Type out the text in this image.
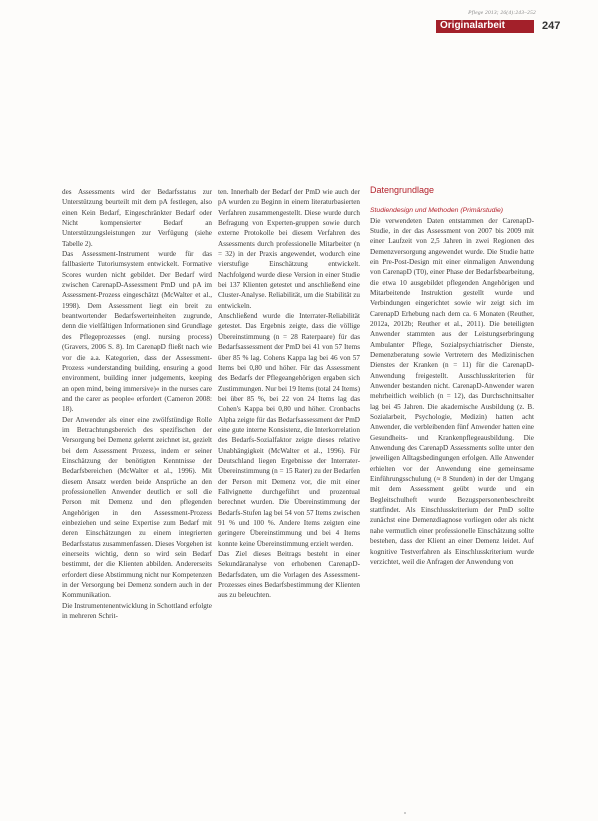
Pflege 2013; 26(4):243–252
Originalarbeit	247

des Assessments wird der Bedarfsstatus zur Unterstützung beurteilt mit dem pA festlegen, also einen Kein Bedarf, Eingeschränkter Bedarf oder Nicht kompensierter Bedarf an Unterstützungsleistungen zur Verfügung (siehe Tabelle 2).

Das Assessment-Instrument wurde für das fallbasierte Tutoriumsystem entwickelt. Formative Scores wurden nicht gebildet. Der Bedarf wird zwischen CarenapD-Assessment PmD und pA im Assessment-Prozess eingeschätzt (McWalter et al., 1998). Dem Assessment liegt ein breit zu beantwortender Bedarfswerteinheiten zugrunde, denn die vielfältigen Informationen sind Grundlage des Pflegeprozesses (engl. nursing process) (Gravers, 2006 S. 8). Im CarenapD fließt nach wie vor die a.a. Kategorien, dass der Assessment-Prozess »understanding building, ensuring a good environment, building inner judgements, keeping an open mind, being immersive)« in the nurses care and the carer as people« erfordert (Cameron 2008: 18).

Der Anwender als einer eine zwölfstündige Rolle im Betrachtungsbereich des spezifischen der Versorgung bei Demenz gelernt zeichnet ist, gezielt bei dem Assessment Prozess, indem er seiner Einschätzung der benötigten Kenntnisse der Bedarfsbereichen (McWalter et al., 1996). Mit diesem Ansatz werden beide Ansprüche an den professionellen Anwender deutlich er soll die Person mit Demenz und den pflegenden Angehörigen in den Assessment-Prozess einbeziehen und seine Expertise zum Bedarf mit deren Einschätzungen zu einem integrierten Bedarfsstatus zusammenfassen. Dieses Vorgehen ist einerseits wichtig, denn so wird sein Bedarf bestimmt, der die Klienten abbilden. Andererseits erfordert diese Abstimmung nicht nur Kompetenzen in der Versorgung bei Demenz sondern auch in der Kommunikation.

Die Instrumentenentwicklung in Schottland erfolgte in mehreren Schrit-

ten. Innerhalb der Bedarf der PmD wie auch der pA wurden zu Beginn in einem literaturbasierten Verfahren zusammengestellt. Diese wurde durch Befragung von Experten-gruppen sowie durch externe Protokolle bei diesem Verfahren des Assessments durch professionelle Mitarbeiter (n = 32) in der Praxis angewendet, wodurch eine vierstufige Einschätzung entwickelt. Nachfolgend wurde diese Version in einer Studie bei 137 Klienten getestet und anschließend eine Cluster-Analyse. Reliabilität, um die Stabilität zu entwickeln.

Anschließend wurde die Interrater-Reliabilität getestet. Das Ergebnis zeigte, dass die völlige Übereinstimmung (n = 28 Raterpaare) für das Bedarfsassessment der PmD bei 41 von 57 Items über 85 % lag. Cohens Kappa lag bei 46 von 57 Items bei 0,80 und höher. Für das Assessment des Bedarfs der Pflegeangehörigen ergaben sich Zustimmungen. Nur bei 19 Items (total 24 Items) bei über 85 %, bei 22 von 24 Items lag das Cohen's Kappa bei 0,80 und höher. Cronbachs Alpha zeigte für das Bedarfsassessment der PmD eine gute interne Konsistenz, die Interkorrelation des Bedarfs-Sozialfaktor zeigte dieses relative Unabhängigkeit (McWalter et al., 1996). Für Deutschland liegen Ergebnisse der Interrater-Übereinstimmung (n = 15 Rater) zu der Bedarfen der Person mit Demenz vor, die mit einer Fallvignette durchgeführt und prozentual berechnet wurden. Die Übereinstimmung der Bedarfs-Stufen lag bei 54 von 57 Items zwischen 91 % und 100 %. Andere Items zeigten eine geringere Übereinstimmung und bei 4 Items konnte keine Übereinstimmung erzielt werden.

Das Ziel dieses Beitrags besteht in einer Sekundäranalyse von erhobenen CarenapD-Bedarfsdaten, um die Vorlagen des Assessment-Prozesses eines Bedarfsbestimmung der Klienten aus zu beleuchten.

Datengrundlage

Studiendesign und Methoden (Primärstudie)

Die verwendeten Daten entstammen der CarenapD-Studie, in der das Assessment von 2007 bis 2009 mit einer Laufzeit von 2,5 Jahren in zwei Regionen des Demenzversorgung angewendet wurde. Die Studie hatte ein Pre-Post-Design mit einer einmaligen Anwendung von CarenapD (T0), einer Phase der Bedarfsbearbeitung, die etwa 10 ausgebildet pflegenden Angehörigen und Mitarbeitende Instruktion gestellt wurde und Verbindungen eingerichtet sowie wir zeigt sich im CarenapD Erhebung nach dem ca. 6 Monaten (Reuther, 2012a, 2012b; Reuther et al., 2011). Die beteiligten Anwender stammten aus der Leistungserbringung Ambulanter Pflege, Sozialpsychiatrischer Dienste, Demenzberatung sowie Vertretern des Medizinischen Dienstes der Kranken (n = 11) für die CarenapD-Anwendung freigestellt. Ausschlusskriterien für Anwender bestanden nicht. CarenapD-Anwender waren mehrheitlich weiblich (n = 12), das Durchschnittsalter lag bei 45 Jahren. Die akademische Ausbildung (z. B. Sozialarbeit, Psychologie, Medizin) hatten acht Anwender, die verbleibenden fünf Anwender hatten eine Gesundheits- und Krankenpflegeausbildung. Die Anwendung des CarenapD Assessments sollte unter den jeweiligen Alltagsbedingungen erfolgen. Alle Anwender erhielten vor der Anwendung eine gemeinsame Einführungsschulung (≈ 8 Stunden) in der der Umgang mit dem Assessment geübt wurde und ein Begleitschulheft wurde Bezugspersonenbeschreibt stattfindet. Als Einschlusskriterium der PmD sollte zunächst eine Demenzdiagnose vorliegen oder als nicht nahe vermutlich einer professionelle Einschätzung sollte bestehen, dass der Klient an einer Demenz leidet. Auf kognitive Testverfahren als Einschlusskriterium wurde verzichtet, weil die Anfragen der Anwendung von
